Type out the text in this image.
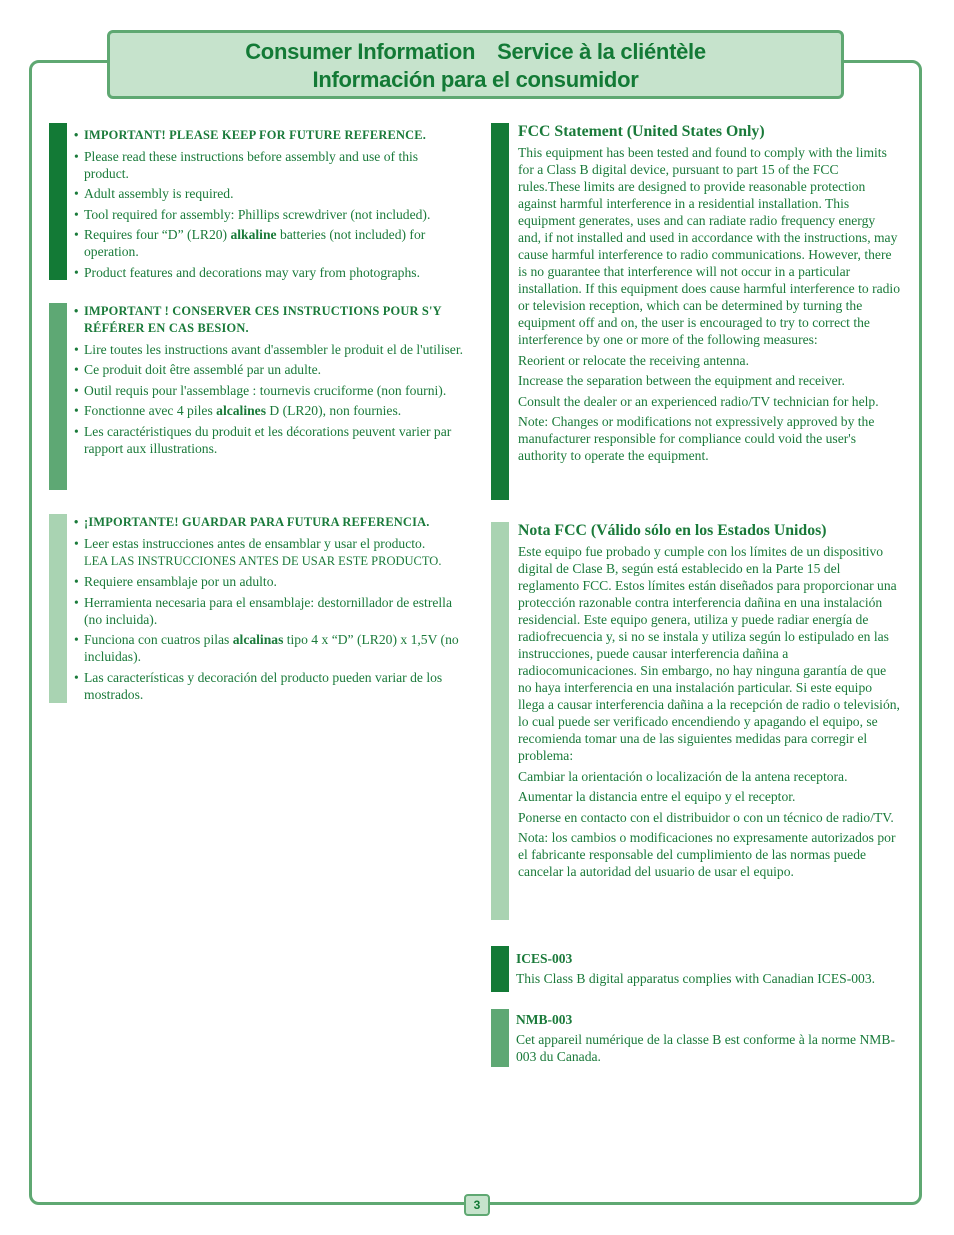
Consumer Information Service à la cliéntèle
Información para el consumidor
• IMPORTANT! PLEASE KEEP FOR FUTURE REFERENCE.
• Please read these instructions before assembly and use of this product.
• Adult assembly is required.
• Tool required for assembly: Phillips screwdriver (not included).
• Requires four “D” (LR20) alkaline batteries (not included) for operation.
• Product features and decorations may vary from photographs.
• IMPORTANT ! CONSERVER CES INSTRUCTIONS POUR S'Y RÉFÉRER EN CAS BESION.
• Lire toutes les instructions avant d'assembler le produit el de l'utiliser.
• Ce produit doit être assemblé par un adulte.
• Outil requis pour l'assemblage : tournevis cruciforme (non fourni).
• Fonctionne avec 4 piles alcalines D (LR20), non fournies.
• Les caractéristiques du produit et les décorations peuvent varier par rapport aux illustrations.
• ¡IMPORTANTE! GUARDAR PARA FUTURA REFERENCIA.
• Leer estas instrucciones antes de ensamblar y usar el producto.
LEA LAS INSTRUCCIONES ANTES DE USAR ESTE PRODUCTO.
• Requiere ensamblaje por un adulto.
• Herramienta necesaria para el ensamblaje: destornillador de estrella (no incluida).
• Funciona con cuatros pilas alcalinas tipo 4 x “D” (LR20) x 1,5V (no incluidas).
• Las características y decoración del producto pueden variar de los mostrados.
FCC Statement (United States Only)
This equipment has been tested and found to comply with the limits for a Class B digital device, pursuant to part 15 of the FCC rules.These limits are designed to provide reasonable protection against harmful interference in a residential installation. This equipment generates, uses and can radiate radio frequency energy and, if not installed and used in accordance with the instructions, may cause harmful interference to radio communications. However, there is no guarantee that interference will not occur in a particular installation. If this equipment does cause harmful interference to radio or television reception, which can be determined by turning the equipment off and on, the user is encouraged to try to correct the interference by one or more of the following measures:
Reorient or relocate the receiving antenna.
Increase the separation between the equipment and receiver.
Consult the dealer or an experienced radio/TV technician for help.
Note: Changes or modifications not expressively approved by the manufacturer responsible for compliance could void the user's authority to operate the equipment.
Nota FCC (Válido sólo en los Estados Unidos)
Este equipo fue probado y cumple con los límites de un dispositivo digital de Clase B, según está establecido en la Parte 15 del reglamento FCC. Estos límites están diseñados para proporcionar una protección razonable contra interferencia dañina en una instalación residencial. Este equipo genera, utiliza y puede radiar energía de radiofrecuencia y, si no se instala y utiliza según lo estipulado en las instrucciones, puede causar interferencia dañina a radiocomunicaciones. Sin embargo, no hay ninguna garantía de que no haya interferencia en una instalación particular. Si este equipo llega a causar interferencia dañina a la recepción de radio o televisión, lo cual puede ser verificado encendiendo y apagando el equipo, se recomienda tomar una de las siguientes medidas para corregir el problema:
Cambiar la orientación o localización de la antena receptora.
Aumentar la distancia entre el equipo y el receptor.
Ponerse en contacto con el distribuidor o con un técnico de radio/TV.
Nota: los cambios o modificaciones no expresamente autorizados por el fabricante responsable del cumplimiento de las normas puede cancelar la autoridad del usuario de usar el equipo.
ICES-003
This Class B digital apparatus complies with Canadian ICES-003.
NMB-003
Cet appareil numérique de la classe B est conforme à la norme NMB-003 du Canada.
3
